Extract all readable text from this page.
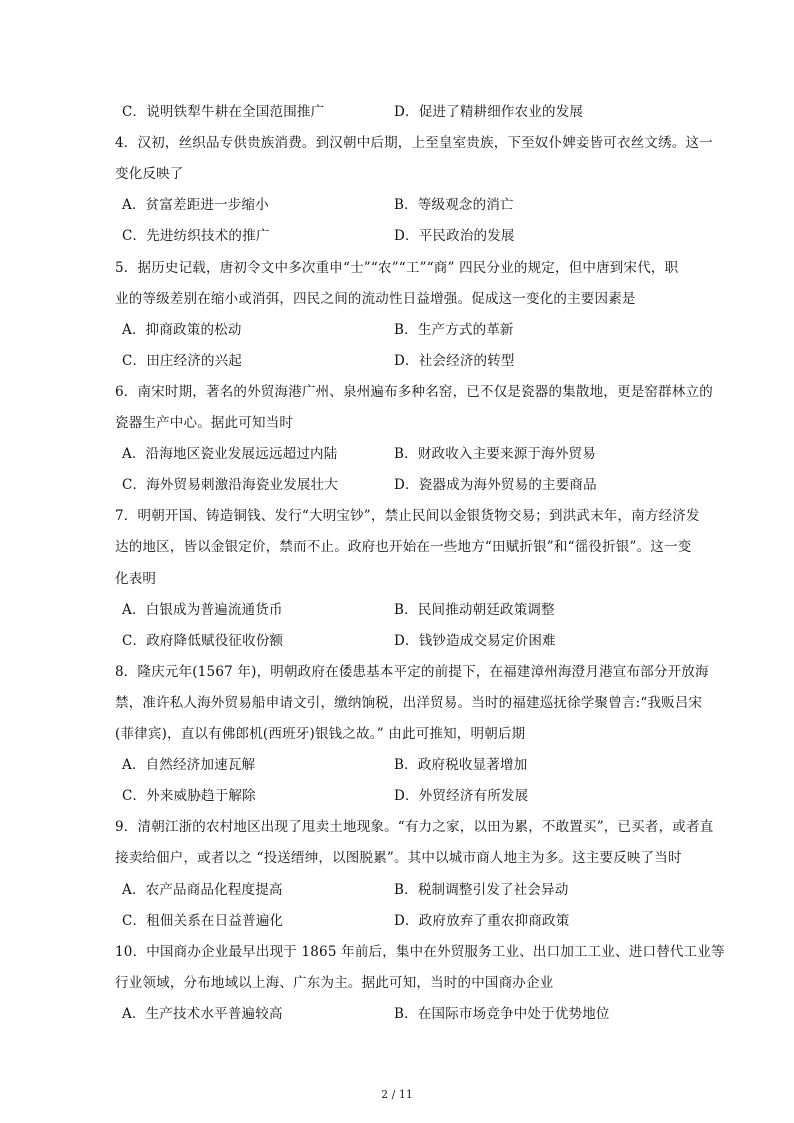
C．说明铁犁牛耕在全国范围推广	D．促进了精耕细作农业的发展
4．汉初，丝织品专供贵族消费。到汉朝中后期，上至皇室贵族，下至奴仆婢妾皆可衣丝文绣。这一
变化反映了
A．贫富差距进一步缩小	B．等级观念的消亡
C．先进纺织技术的推广	D．平民政治的发展
5．据历史记载，唐初令文中多次重申“士”“农”“工”“商” 四民分业的规定，但中唐到宋代，职
业的等级差别在缩小或消弭，四民之间的流动性日益增强。促成这一变化的主要因素是
A．抑商政策的松动	B．生产方式的革新
C．田庄经济的兴起	D．社会经济的转型
6．南宋时期，著名的外贸海港广州、泉州遍布多种名窑，已不仅是瓷器的集散地，更是窑群林立的
瓷器生产中心。据此可知当时
A．沿海地区瓷业发展远远超过内陆	B．财政收入主要来源于海外贸易
C．海外贸易刺激沿海瓷业发展壮大	D．瓷器成为海外贸易的主要商品
7．明朝开国、铸造铜钱、发行“大明宝钞”，禁止民间以金银货物交易；到洪武末年，南方经济发
达的地区，皆以金银定价，禁而不止。政府也开始在一些地方“田赋折银”和“徭役折银”。这一变
化表明
A．白银成为普遍流通货币	B．民间推动朝廷政策调整
C．政府降低赋役征收份额	D．钱钞造成交易定价困难
8．隆庆元年(1567 年)，明朝政府在倭患基本平定的前提下，在福建漳州海澄月港宣布部分开放海
禁，准许私人海外贸易船申请文引，缴纳饷税，出洋贸易。当时的福建巡抚徐学聚曾言:“我贩吕宋
(菲律宾)，直以有佛郎机(西班牙)银钱之故。” 由此可推知，明朝后期
A．自然经济加速瓦解	B．政府税收显著增加
C．外来威胁趋于解除	D．外贸经济有所发展
9．清朝江浙的农村地区出现了甩卖土地现象。“有力之家，以田为累，不敢置买”，已买者，或者直
接卖给佃户，或者以之 “投送缙绅，以图脱累”。其中以城市商人地主为多。这主要反映了当时
A．农产品商品化程度提高	B．税制调整引发了社会异动
C．租佃关系在日益普遍化	D．政府放弃了重农抑商政策
10．中国商办企业最早出现于 1865 年前后，集中在外贸服务工业、出口加工工业、进口替代工业等
行业领域，分布地域以上海、广东为主。据此可知，当时的中国商办企业
A．生产技术水平普遍较高	B．在国际市场竞争中处于优势地位
2 / 11
